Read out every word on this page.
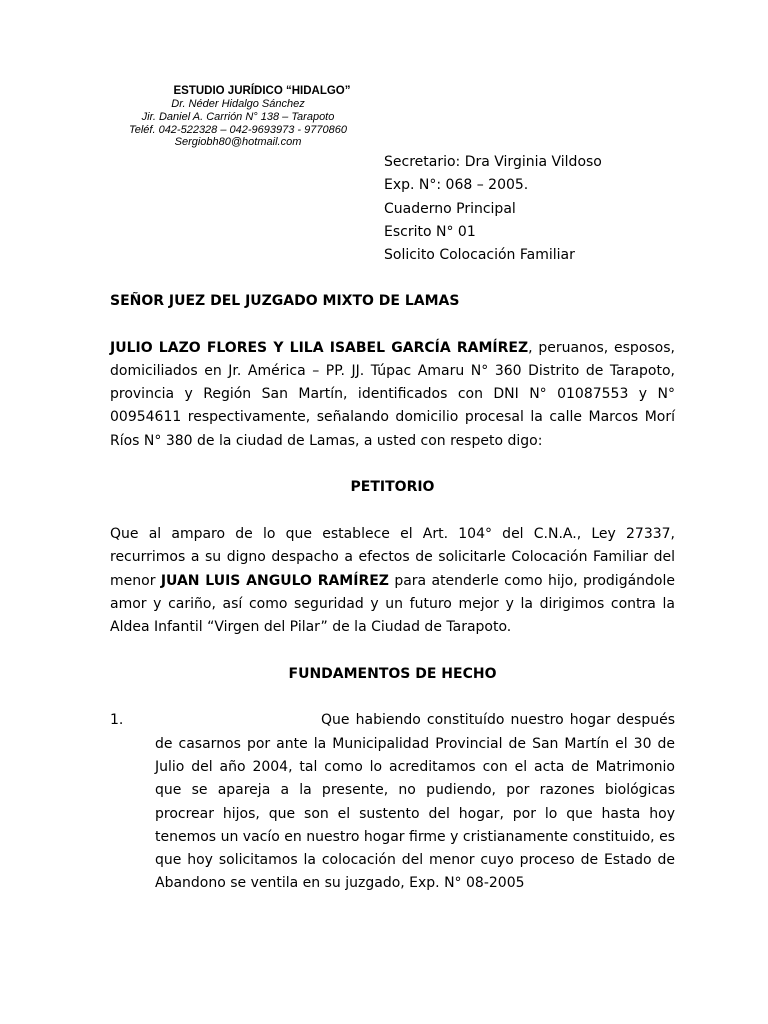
ESTUDIO JURÍDICO “HIDALGO”
Dr. Néder Hidalgo Sánchez
Jir. Daniel A. Carrión N° 138 – Tarapoto
Teléf. 042-522328 – 042-9693973 - 9770860
Sergiobh80@hotmail.com
Secretario: Dra Virginia Vildoso
Exp. N°: 068 – 2005.
Cuaderno Principal
Escrito N° 01
Solicito Colocación Familiar

SEÑOR JUEZ DEL JUZGADO MIXTO DE LAMAS

JULIO LAZO FLORES Y LILA ISABEL GARCÍA RAMÍREZ, peruanos, esposos, domiciliados en Jr. América – PP. JJ. Túpac Amaru N° 360 Distrito de Tarapoto, provincia y Región San Martín, identificados con DNI N° 01087553 y N° 00954611 respectivamente, señalando domicilio procesal la calle Marcos Morí Ríos N° 380 de la ciudad de Lamas, a usted con respeto digo:

PETITORIO

Que al amparo de lo que establece el Art. 104° del C.N.A., Ley 27337, recurrimos a su digno despacho a efectos de solicitarle Colocación Familiar del menor JUAN LUIS ANGULO RAMÍREZ para atenderle como hijo, prodigándole amor y cariño, así como seguridad y un futuro mejor y la dirigimos contra la Aldea Infantil “Virgen del Pilar” de la Ciudad de Tarapoto.

FUNDAMENTOS DE HECHO

1.	Que habiendo constituído nuestro hogar después de casarnos por ante la Municipalidad Provincial de San Martín el 30 de Julio del año 2004, tal como lo acreditamos con el acta de Matrimonio que se apareja a la presente, no pudiendo, por razones biológicas procrear hijos, que son el sustento del hogar, por lo que hasta hoy tenemos un vacío en nuestro hogar firme y cristianamente constituido, es que hoy solicitamos la colocación del menor cuyo proceso de Estado de Abandono se ventila en su juzgado, Exp. N° 08-2005
